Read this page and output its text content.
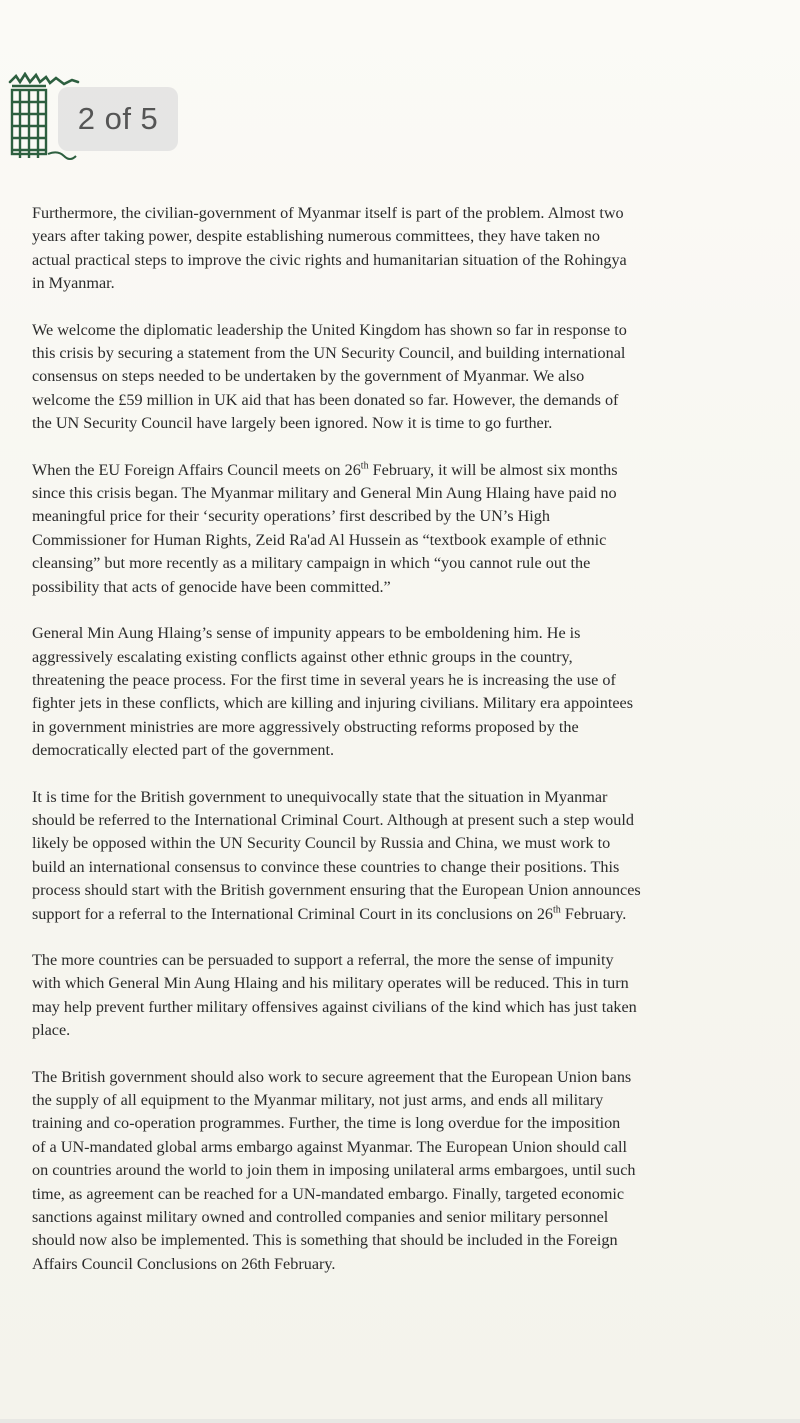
2 of 5

Furthermore, the civilian-government of Myanmar itself is part of the problem. Almost two
years after taking power, despite establishing numerous committees, they have taken no
actual practical steps to improve the civic rights and humanitarian situation of the Rohingya
in Myanmar.

We welcome the diplomatic leadership the United Kingdom has shown so far in response to
this crisis by securing a statement from the UN Security Council, and building international
consensus on steps needed to be undertaken by the government of Myanmar. We also
welcome the £59 million in UK aid that has been donated so far. However, the demands of
the UN Security Council have largely been ignored. Now it is time to go further.

When the EU Foreign Affairs Council meets on 26th February, it will be almost six months
since this crisis began. The Myanmar military and General Min Aung Hlaing have paid no
meaningful price for their ‘security operations’ first described by the UN’s High
Commissioner for Human Rights, Zeid Ra'ad Al Hussein as “textbook example of ethnic
cleansing” but more recently as a military campaign in which “you cannot rule out the
possibility that acts of genocide have been committed.”

General Min Aung Hlaing’s sense of impunity appears to be emboldening him. He is
aggressively escalating existing conflicts against other ethnic groups in the country,
threatening the peace process. For the first time in several years he is increasing the use of
fighter jets in these conflicts, which are killing and injuring civilians. Military era appointees
in government ministries are more aggressively obstructing reforms proposed by the
democratically elected part of the government.

It is time for the British government to unequivocally state that the situation in Myanmar
should be referred to the International Criminal Court. Although at present such a step would
likely be opposed within the UN Security Council by Russia and China, we must work to
build an international consensus to convince these countries to change their positions. This
process should start with the British government ensuring that the European Union announces
support for a referral to the International Criminal Court in its conclusions on 26th February.

The more countries can be persuaded to support a referral, the more the sense of impunity
with which General Min Aung Hlaing and his military operates will be reduced. This in turn
may help prevent further military offensives against civilians of the kind which has just taken
place.

The British government should also work to secure agreement that the European Union bans
the supply of all equipment to the Myanmar military, not just arms, and ends all military
training and co-operation programmes. Further, the time is long overdue for the imposition
of a UN-mandated global arms embargo against Myanmar. The European Union should call
on countries around the world to join them in imposing unilateral arms embargoes, until such
time, as agreement can be reached for a UN-mandated embargo. Finally, targeted economic
sanctions against military owned and controlled companies and senior military personnel
should now also be implemented. This is something that should be included in the Foreign
Affairs Council Conclusions on 26th February.
